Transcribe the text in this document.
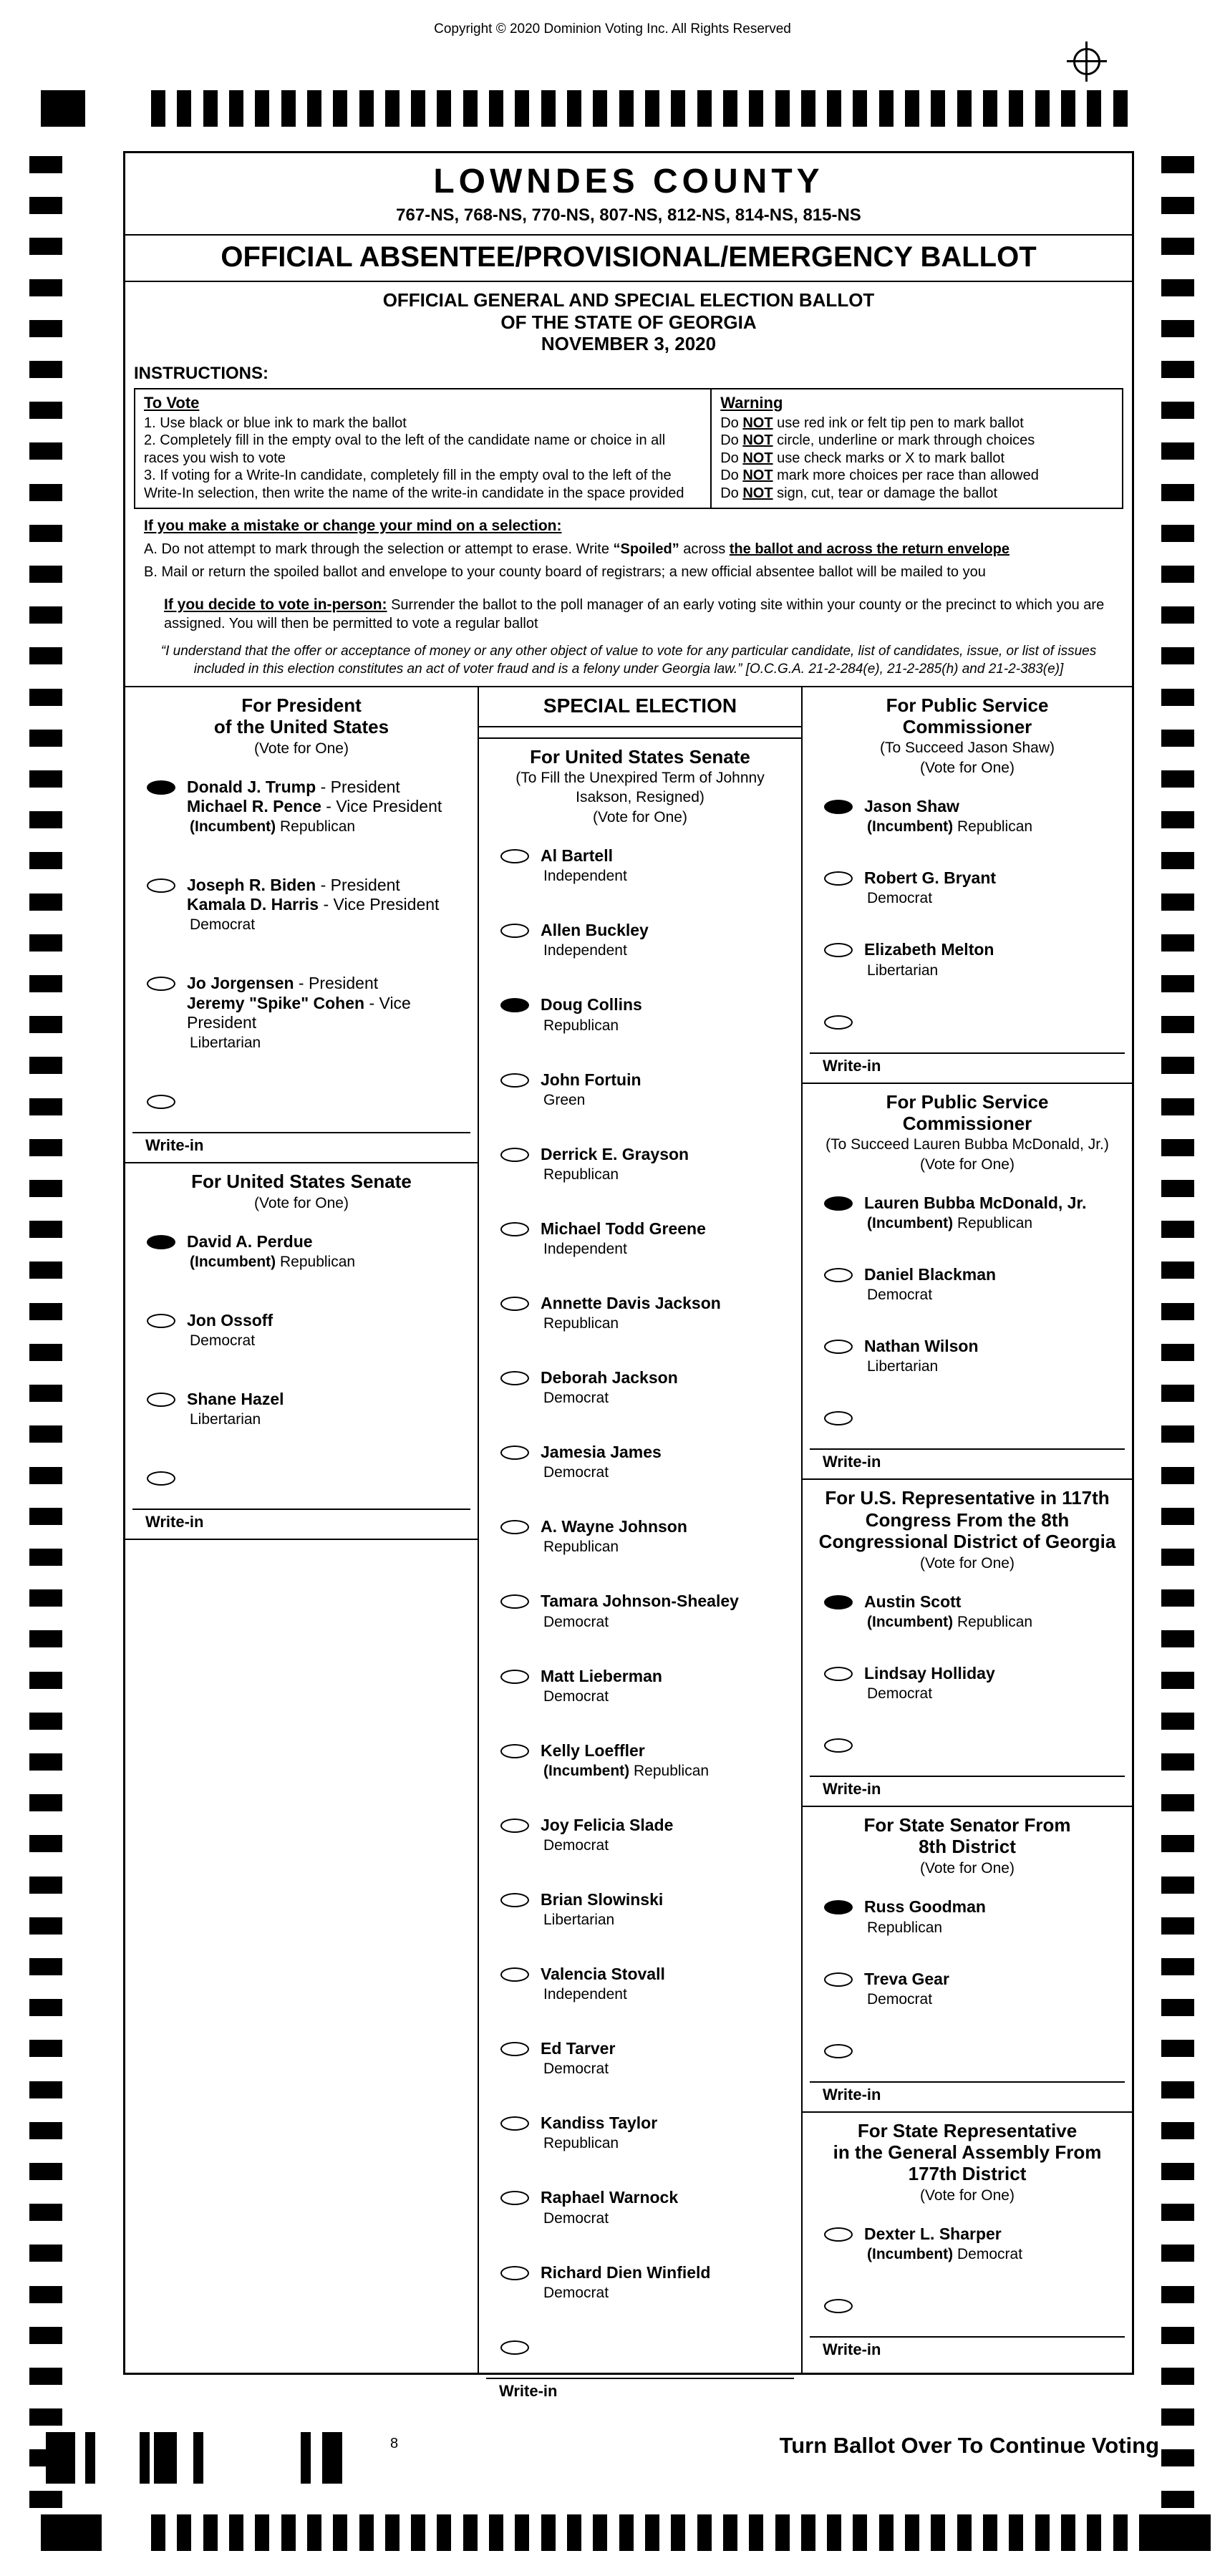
Copyright © 2020 Dominion Voting Inc. All Rights Reserved
LOWNDES COUNTY
767-NS, 768-NS, 770-NS, 807-NS, 812-NS, 814-NS, 815-NS
OFFICIAL ABSENTEE/PROVISIONAL/EMERGENCY BALLOT
OFFICIAL GENERAL AND SPECIAL ELECTION BALLOT
OF THE STATE OF GEORGIA
NOVEMBER 3, 2020
INSTRUCTIONS:
To Vote
1. Use black or blue ink to mark the ballot
2. Completely fill in the empty oval to the left of the candidate name or choice in all races you wish to vote
3. If voting for a Write-In candidate, completely fill in the empty oval to the left of the Write-In selection, then write the name of the write-in candidate in the space provided
Warning
Do NOT use red ink or felt tip pen to mark ballot
Do NOT circle, underline or mark through choices
Do NOT use check marks or X to mark ballot
Do NOT mark more choices per race than allowed
Do NOT sign, cut, tear or damage the ballot
If you make a mistake or change your mind on a selection:

A. Do not attempt to mark through the selection or attempt to erase. Write “Spoiled” across the ballot and across the return envelope

B. Mail or return the spoiled ballot and envelope to your county board of registrars; a new official absentee ballot will be mailed to you

If you decide to vote in-person: Surrender the ballot to the poll manager of an early voting site within your county or the precinct to which you are assigned. You will then be permitted to vote a regular ballot
“I understand that the offer or acceptance of money or any other object of value to vote for any particular candidate, list of candidates, issue, or list of issues included in this election constitutes an act of voter fraud and is a felony under Georgia law.” [O.C.G.A. 21-2-284(e), 21-2-285(h) and 21-2-383(e)]
For President
of the United States
(Vote for One)
Donald J. Trump - President
Michael R. Pence - Vice President
(Incumbent) Republican
Joseph R. Biden - President
Kamala D. Harris - Vice President
Democrat
Jo Jorgensen - President
Jeremy "Spike" Cohen - Vice President
Libertarian
Write-in
For United States Senate
(Vote for One)
David A. Perdue
(Incumbent) Republican
Jon Ossoff
Democrat
Shane Hazel
Libertarian
Write-in
SPECIAL ELECTION
For United States Senate
(To Fill the Unexpired Term of Johnny
Isakson, Resigned)
(Vote for One)
Al Bartell
Independent
Allen Buckley
Independent
Doug Collins
Republican
John Fortuin
Green
Derrick E. Grayson
Republican
Michael Todd Greene
Independent
Annette Davis Jackson
Republican
Deborah Jackson
Democrat
Jamesia James
Democrat
A. Wayne Johnson
Republican
Tamara Johnson-Shealey
Democrat
Matt Lieberman
Democrat
Kelly Loeffler
(Incumbent) Republican
Joy Felicia Slade
Democrat
Brian Slowinski
Libertarian
Valencia Stovall
Independent
Ed Tarver
Democrat
Kandiss Taylor
Republican
Raphael Warnock
Democrat
Richard Dien Winfield
Democrat
Write-in
For Public Service
Commissioner
(To Succeed Jason Shaw)
(Vote for One)
Jason Shaw
(Incumbent) Republican
Robert G. Bryant
Democrat
Elizabeth Melton
Libertarian
Write-in
For Public Service
Commissioner
(To Succeed Lauren Bubba McDonald, Jr.)
(Vote for One)
Lauren Bubba McDonald, Jr.
(Incumbent) Republican
Daniel Blackman
Democrat
Nathan Wilson
Libertarian
Write-in
For U.S. Representative in 117th
Congress From the 8th
Congressional District of Georgia
(Vote for One)
Austin Scott
(Incumbent) Republican
Lindsay Holliday
Democrat
Write-in
For State Senator From
8th District
(Vote for One)
Russ Goodman
Republican
Treva Gear
Democrat
Write-in
For State Representative
in the General Assembly From
177th District
(Vote for One)
Dexter L. Sharper
(Incumbent) Democrat
Write-in
Turn Ballot Over To Continue Voting
8
+
